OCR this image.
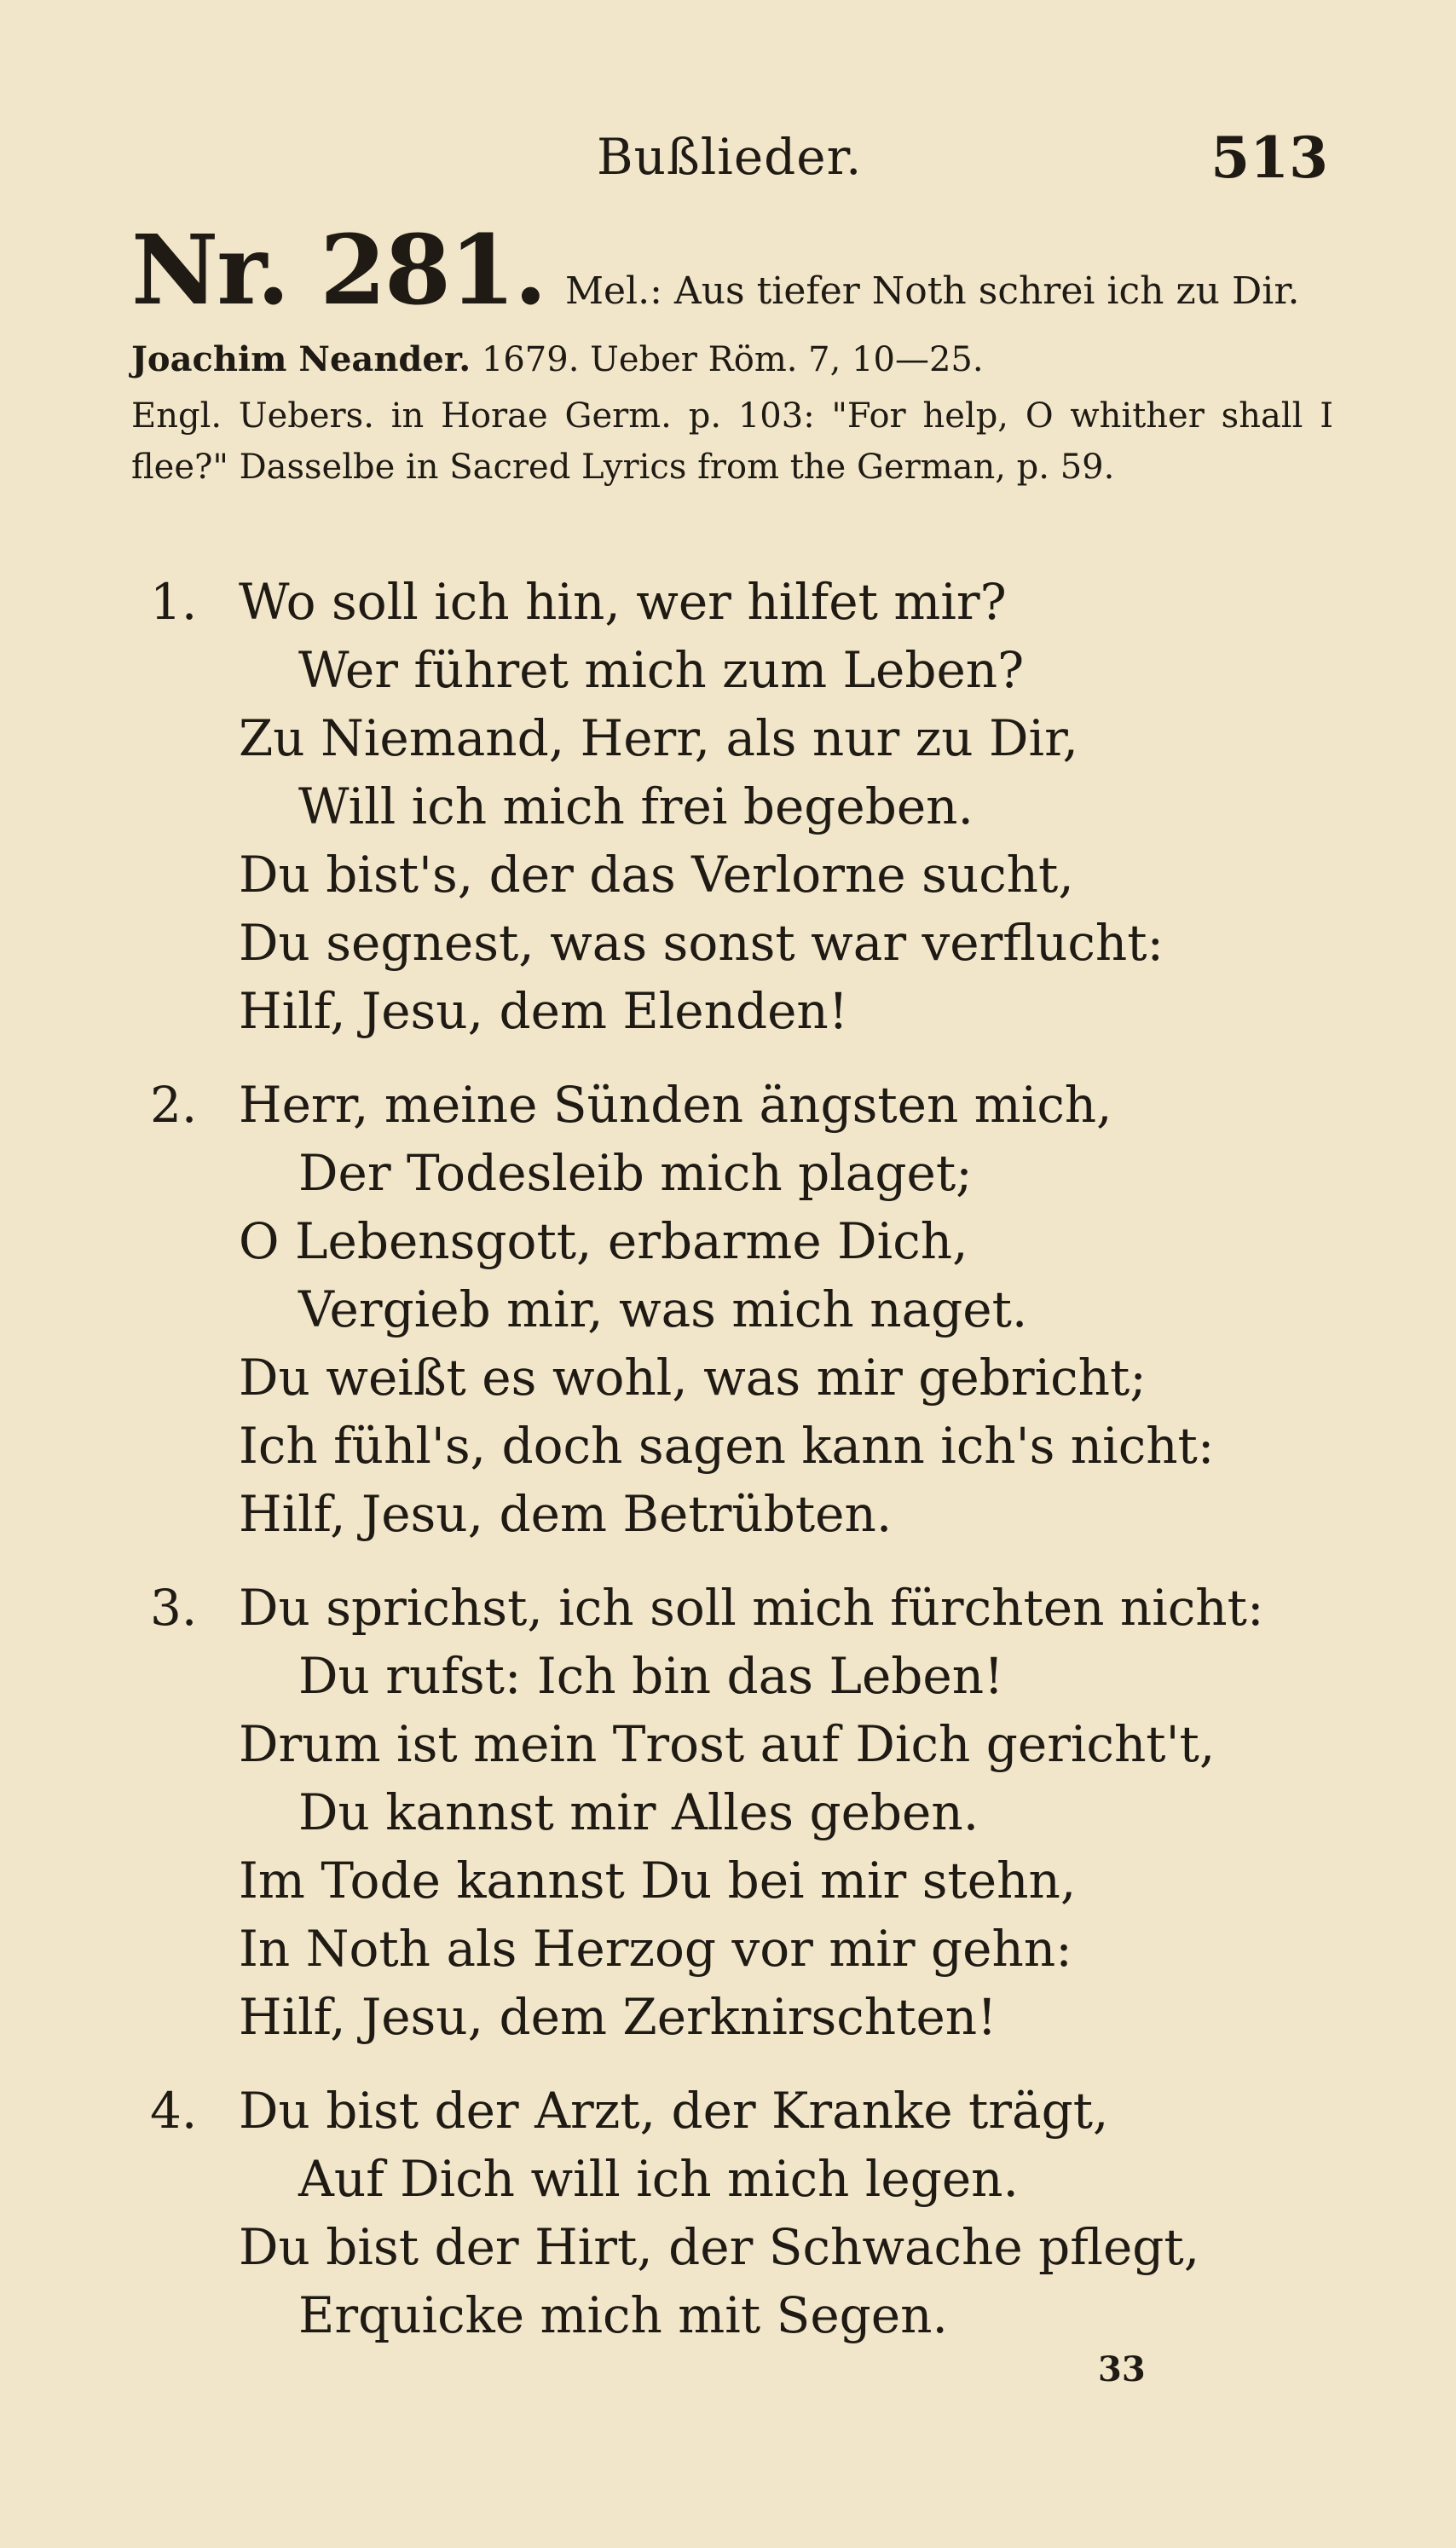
Bußlieder.	513
Nr. 281. Mel.: Aus tiefer Noth schrei ich zu Dir.
Joachim Neander. 1679. Ueber Röm. 7, 10—25.
Engl. Uebers. in Horae Germ. p. 103: "For help, O whither shall I flee?" Dasselbe in Sacred Lyrics from the German, p. 59.
1. Wo soll ich hin, wer hilfet mir?
Wer führet mich zum Leben?
Zu Niemand, Herr, als nur zu Dir,
Will ich mich frei begeben.
Du bist's, der das Verlorne sucht,
Du segnest, was sonst war verflucht:
Hilf, Jesu, dem Elenden!
2. Herr, meine Sünden ängsten mich,
Der Todesleib mich plaget;
O Lebensgott, erbarme Dich,
Vergieb mir, was mich naget.
Du weißt es wohl, was mir gebricht;
Ich fühl's, doch sagen kann ich's nicht:
Hilf, Jesu, dem Betrübten.
3. Du sprichst, ich soll mich fürchten nicht:
Du rufst: Ich bin das Leben!
Drum ist mein Trost auf Dich gericht't,
Du kannst mir Alles geben.
Im Tode kannst Du bei mir stehn,
In Noth als Herzog vor mir gehn:
Hilf, Jesu, dem Zerknirschten!
4. Du bist der Arzt, der Kranke trägt,
Auf Dich will ich mich legen.
Du bist der Hirt, der Schwache pflegt,
Erquicke mich mit Segen.
33
